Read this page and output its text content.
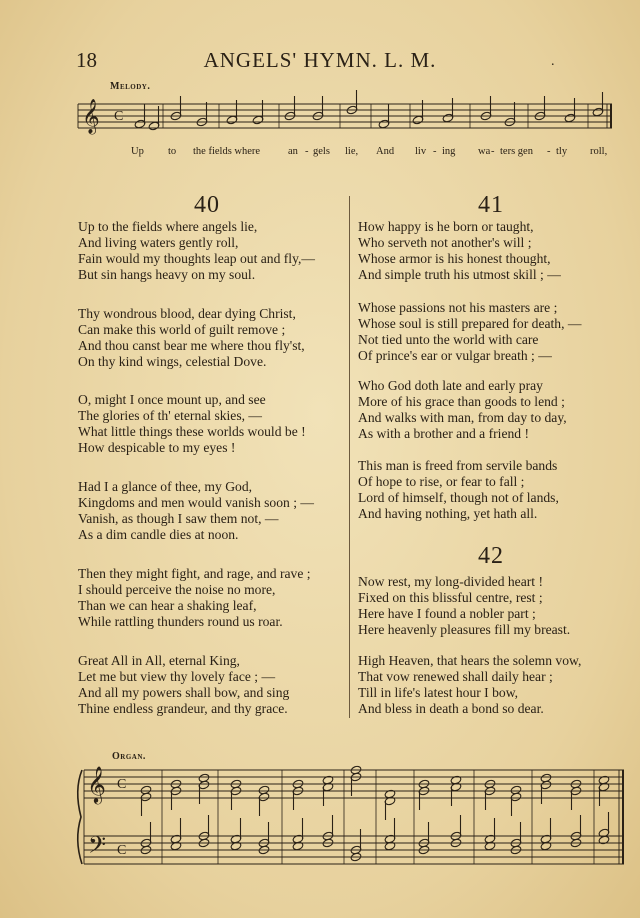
18	ANGELS' HYMN. L. M.	.
Melody.
𝄞 C
Up to the fields where	an - gels lie, And liv - ing wa - ters gen - tly roll,
40	41
42
Up to the fields where angels lie,
And living waters gently roll,
Fain would my thoughts leap out and fly,—
But sin hangs heavy on my soul.
Thy wondrous blood, dear dying Christ,
Can make this world of guilt remove ;
And thou canst bear me where thou fly'st,
On thy kind wings, celestial Dove.
O, might I once mount up, and see
The glories of th' eternal skies, —
What little things these worlds would be !
How despicable to my eyes !
Had I a glance of thee, my God,
Kingdoms and men would vanish soon ; —
Vanish, as though I saw them not, —
As a dim candle dies at noon.
Then they might fight, and rage, and rave ;
I should perceive the noise no more,
Than we can hear a shaking leaf,
While rattling thunders round us roar.
Great All in All, eternal King,
Let me but view thy lovely face ; —
And all my powers shall bow, and sing
Thine endless grandeur, and thy grace.
How happy is he born or taught,
Who serveth not another's will ;
Whose armor is his honest thought,
And simple truth his utmost skill ; —
Whose passions not his masters are ;
Whose soul is still prepared for death, —
Not tied unto the world with care
Of prince's ear or vulgar breath ; —
Who God doth late and early pray
More of his grace than goods to lend ;
And walks with man, from day to day,
As with a brother and a friend !
This man is freed from servile bands
Of hope to rise, or fear to fall ;
Lord of himself, though not of lands,
And having nothing, yet hath all.
Now rest, my long-divided heart !
Fixed on this blissful centre, rest ;
Here have I found a nobler part ;
Here heavenly pleasures fill my breast.
High Heaven, that hears the solemn vow,
That vow renewed shall daily hear ;
Till in life's latest hour I bow,
And bless in death a bond so dear.
Organ.
𝄞 C
𝄢 C
